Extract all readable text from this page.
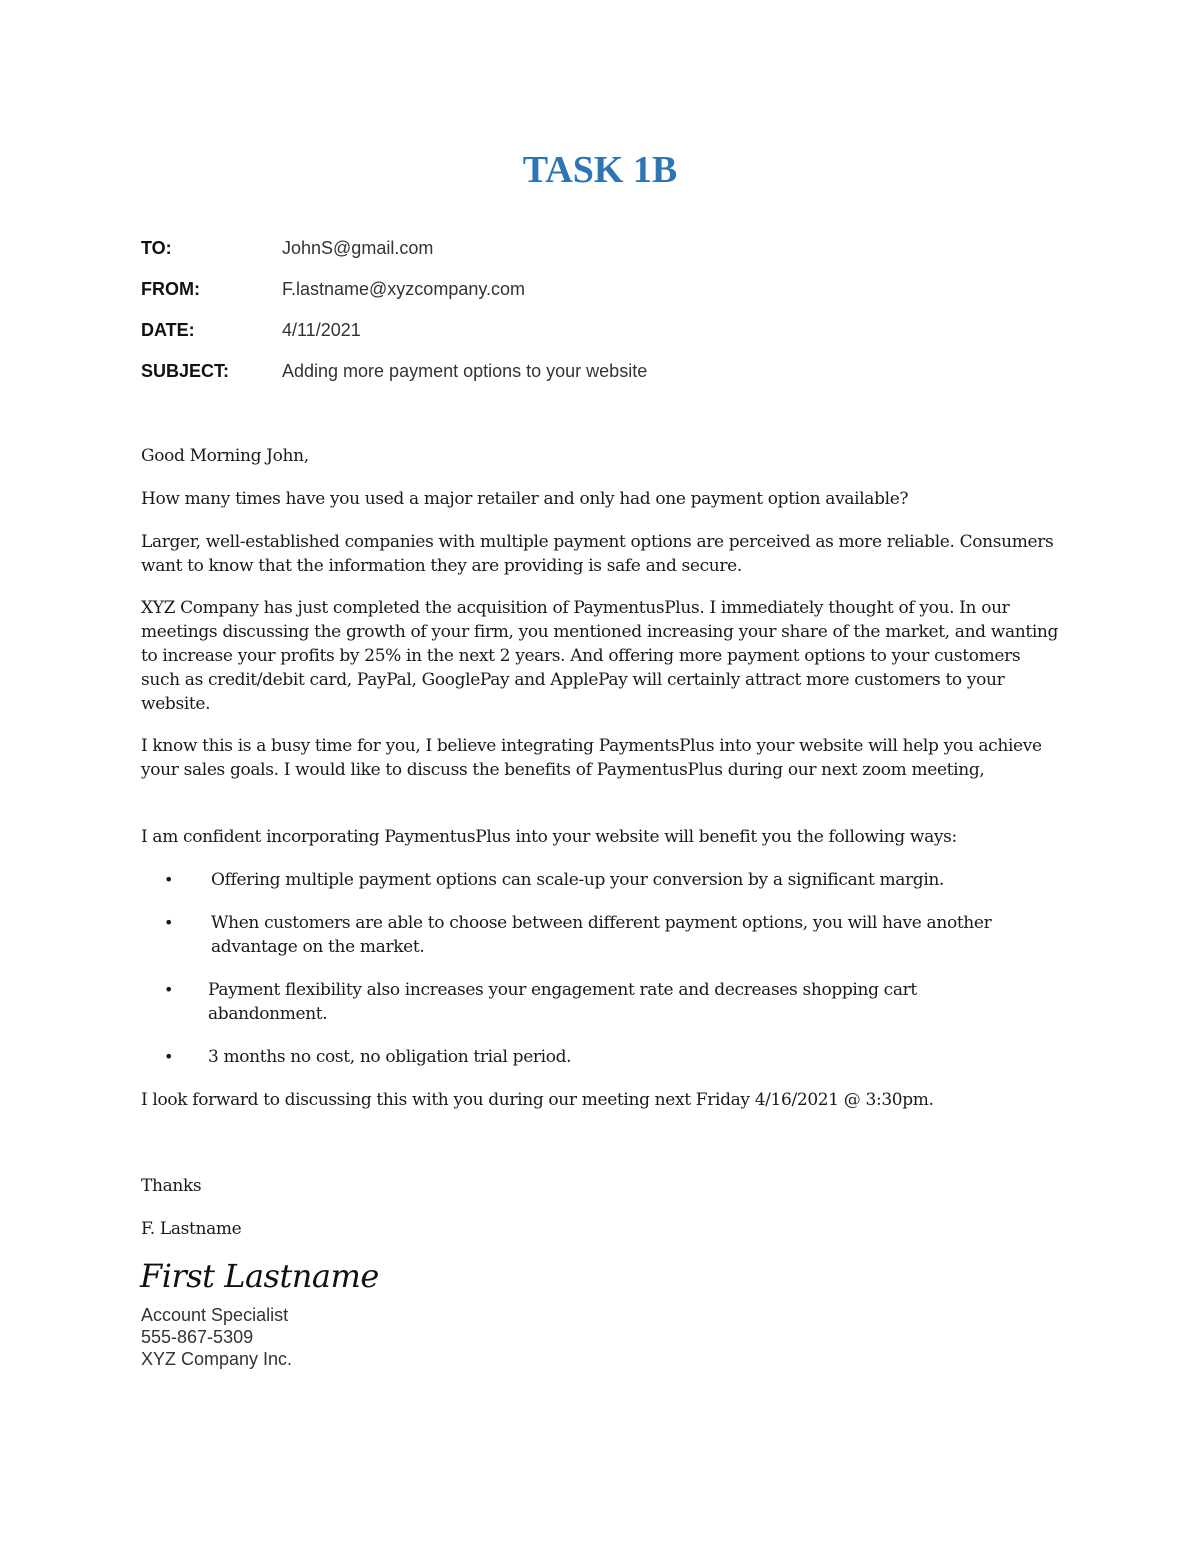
TASK 1B
TO:	JohnS@gmail.com
FROM:	F.lastname@xyzcompany.com
DATE:	4/11/2021
SUBJECT:	Adding more payment options to your website

Good Morning John,

How many times have you used a major retailer and only had one payment option available?

Larger, well-established companies with multiple payment options are perceived as more reliable. Consumers want to know that the information they are providing is safe and secure.

XYZ Company has just completed the acquisition of PaymentusPlus. I immediately thought of you. In our meetings discussing the growth of your firm, you mentioned increasing your share of the market, and wanting to increase your profits by 25% in the next 2 years. And offering more payment options to your customers such as credit/debit card, PayPal, GooglePay and ApplePay will certainly attract more customers to your website.

I know this is a busy time for you, I believe integrating PaymentsPlus into your website will help you achieve your sales goals. I would like to discuss the benefits of PaymentusPlus during our next zoom meeting,

I am confident incorporating PaymentusPlus into your website will benefit you the following ways:

• Offering multiple payment options can scale-up your conversion by a significant margin.
• When customers are able to choose between different payment options, you will have another advantage on the market.
• Payment flexibility also increases your engagement rate and decreases shopping cart abandonment.
• 3 months no cost, no obligation trial period.

I look forward to discussing this with you during our meeting next Friday 4/16/2021 @ 3:30pm.

Thanks

F. Lastname

First Lastname

Account Specialist
555-867-5309
XYZ Company Inc.
